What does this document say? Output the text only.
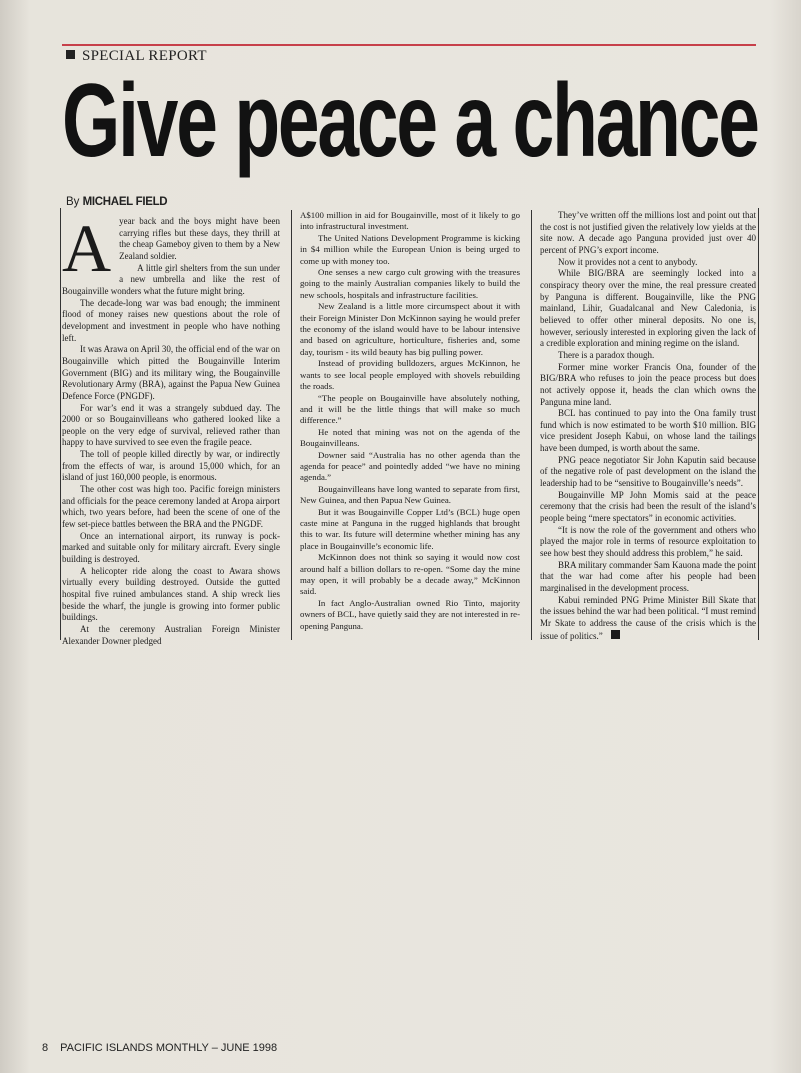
SPECIAL REPORT
Give peace a chance
By MICHAEL FIELD

Ayear back and the boys might have been carrying rifles but these days, they thrill at the cheap Gameboy given to them by a New Zealand soldier.

A little girl shelters from the sun under a new umbrella and like the rest of Bougainville wonders what the future might bring.

The decade-long war was bad enough; the imminent flood of money raises new questions about the role of development and investment in people who have nothing left.

It was Arawa on April 30, the official end of the war on Bougainville which pitted the Bougainville Interim Government (BIG) and its military wing, the Bougainville Revolutionary Army (BRA), against the Papua New Guinea Defence Force (PNGDF).

For war’s end it was a strangely subdued day. The 2000 or so Bougainvilleans who gathered looked like a people on the very edge of survival, relieved rather than happy to have survived to see even the fragile peace.

The toll of people killed directly by war, or indirectly from the effects of war, is around 15,000 which, for an island of just 160,000 people, is enormous.

The other cost was high too. Pacific foreign ministers and officials for the peace ceremony landed at Aropa airport which, two years before, had been the scene of one of the few set-piece battles between the BRA and the PNGDF.

Once an international airport, its runway is pock-marked and suitable only for military aircraft. Every single building is destroyed.

A helicopter ride along the coast to Awara shows virtually every building destroyed. Outside the gutted hospital five ruined ambulances stand. A ship wreck lies beside the wharf, the jungle is growing into former public buildings.

At the ceremony Australian Foreign Minister Alexander Downer pledged

A$100 million in aid for Bougainville, most of it likely to go into infrastructural investment.

The United Nations Development Programme is kicking in $4 million while the European Union is being urged to come up with money too.

One senses a new cargo cult growing with the treasures going to the mainly Australian companies likely to build the new schools, hospitals and infrastructure facilities.

New Zealand is a little more circumspect about it with their Foreign Minister Don McKinnon saying he would prefer the economy of the island would have to be labour intensive and based on agriculture, horticulture, fisheries and, some day, tourism - its wild beauty has big pulling power.

Instead of providing bulldozers, argues McKinnon, he wants to see local people employed with shovels rebuilding the roads.

“The people on Bougainville have absolutely nothing, and it will be the little things that will make so much difference.”

He noted that mining was not on the agenda of the Bougainvilleans.

Downer said “Australia has no other agenda than the agenda for peace” and pointedly added “we have no mining agenda.”

Bougainvilleans have long wanted to separate from first, New Guinea, and then Papua New Guinea.

But it was Bougainville Copper Ltd’s (BCL) huge open caste mine at Panguna in the rugged highlands that brought this to war. Its future will determine whether mining has any place in Bougainville’s economic life.

McKinnon does not think so saying it would now cost around half a billion dollars to re-open. “Some day the mine may open, it will probably be a decade away,” McKinnon said.

In fact Anglo-Australian owned Rio Tinto, majority owners of BCL, have quietly said they are not interested in re-opening Panguna.

They’ve written off the millions lost and point out that the cost is not justified given the relatively low yields at the site now. A decade ago Panguna provided just over 40 percent of PNG’s export income.

Now it provides not a cent to anybody.

While BIG/BRA are seemingly locked into a conspiracy theory over the mine, the real pressure created by Panguna is different. Bougainville, like the PNG mainland, Lihir, Guadalcanal and New Caledonia, is believed to offer other mineral deposits. No one is, however, seriously interested in exploring given the lack of a credible exploration and mining regime on the island.

There is a paradox though.

Former mine worker Francis Ona, founder of the BIG/BRA who refuses to join the peace process but does not actively oppose it, heads the clan which owns the Panguna mine land.

BCL has continued to pay into the Ona family trust fund which is now estimated to be worth $10 million. BIG vice president Joseph Kabui, on whose land the tailings have been dumped, is worth about the same.

PNG peace negotiator Sir John Kaputin said because of the negative role of past development on the island the leadership had to be “sensitive to Bougainville’s needs”.

Bougainville MP John Momis said at the peace ceremony that the crisis had been the result of the island’s people being “mere spectators” in economic activities.

“It is now the role of the government and others who played the major role in terms of resource exploitation to see how best they should address this problem,” he said.

BRA military commander Sam Kauona made the point that the war had come after his people had been marginalised in the development process.

Kabui reminded PNG Prime Minister Bill Skate that the issues behind the war had been political. “I must remind Mr Skate to address the cause of the crisis which is the issue of politics.”

8 PACIFIC ISLANDS MONTHLY – JUNE 1998
